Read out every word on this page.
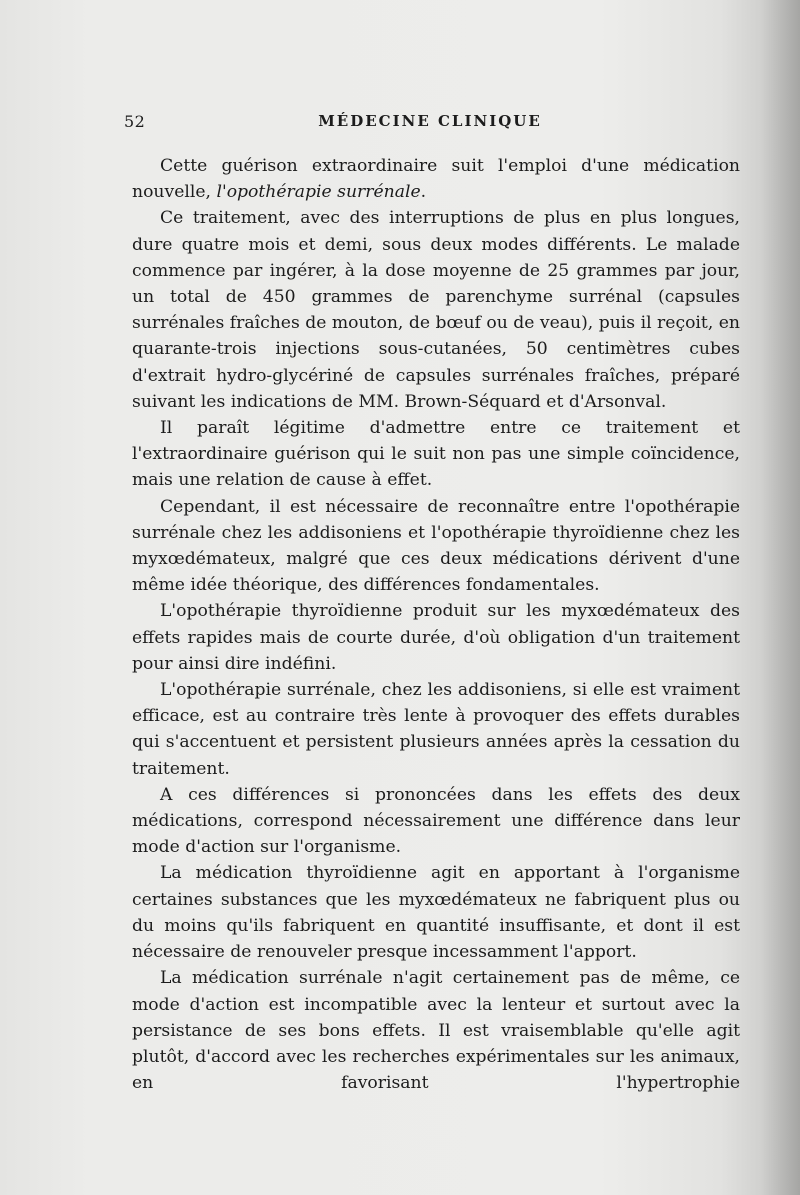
52	MÉDECINE CLINIQUE

Cette guérison extraordinaire suit l'emploi d'une médication nouvelle, l'opothérapie surrénale.

Ce traitement, avec des interruptions de plus en plus longues, dure quatre mois et demi, sous deux modes différents. Le malade commence par ingérer, à la dose moyenne de 25 grammes par jour, un total de 450 grammes de parenchyme surrénal (capsules surrénales fraîches de mouton, de bœuf ou de veau), puis il reçoit, en quarante-trois injections sous-cutanées, 50 centimètres cubes d'extrait hydro-glycériné de capsules surrénales fraîches, préparé suivant les indications de MM. Brown-Séquard et d'Arsonval.

Il paraît légitime d'admettre entre ce traitement et l'extraordinaire guérison qui le suit non pas une simple coïncidence, mais une relation de cause à effet.

Cependant, il est nécessaire de reconnaître entre l'opothérapie surrénale chez les addisoniens et l'opothérapie thyroïdienne chez les myxœdémateux, malgré que ces deux médications dérivent d'une même idée théorique, des différences fondamentales.

L'opothérapie thyroïdienne produit sur les myxœdémateux des effets rapides mais de courte durée, d'où obligation d'un traitement pour ainsi dire indéfini.

L'opothérapie surrénale, chez les addisoniens, si elle est vraiment efficace, est au contraire très lente à provoquer des effets durables qui s'accentuent et persistent plusieurs années après la cessation du traitement.

A ces différences si prononcées dans les effets des deux médications, correspond nécessairement une différence dans leur mode d'action sur l'organisme.

La médication thyroïdienne agit en apportant à l'organisme certaines substances que les myxœdémateux ne fabriquent plus ou du moins qu'ils fabriquent en quantité insuffisante, et dont il est nécessaire de renouveler presque incessamment l'apport.

La médication surrénale n'agit certainement pas de même, ce mode d'action est incompatible avec la lenteur et surtout avec la persistance de ses bons effets. Il est vraisemblable qu'elle agit plutôt, d'accord avec les recherches expérimentales sur les animaux, en favorisant l'hypertrophie
